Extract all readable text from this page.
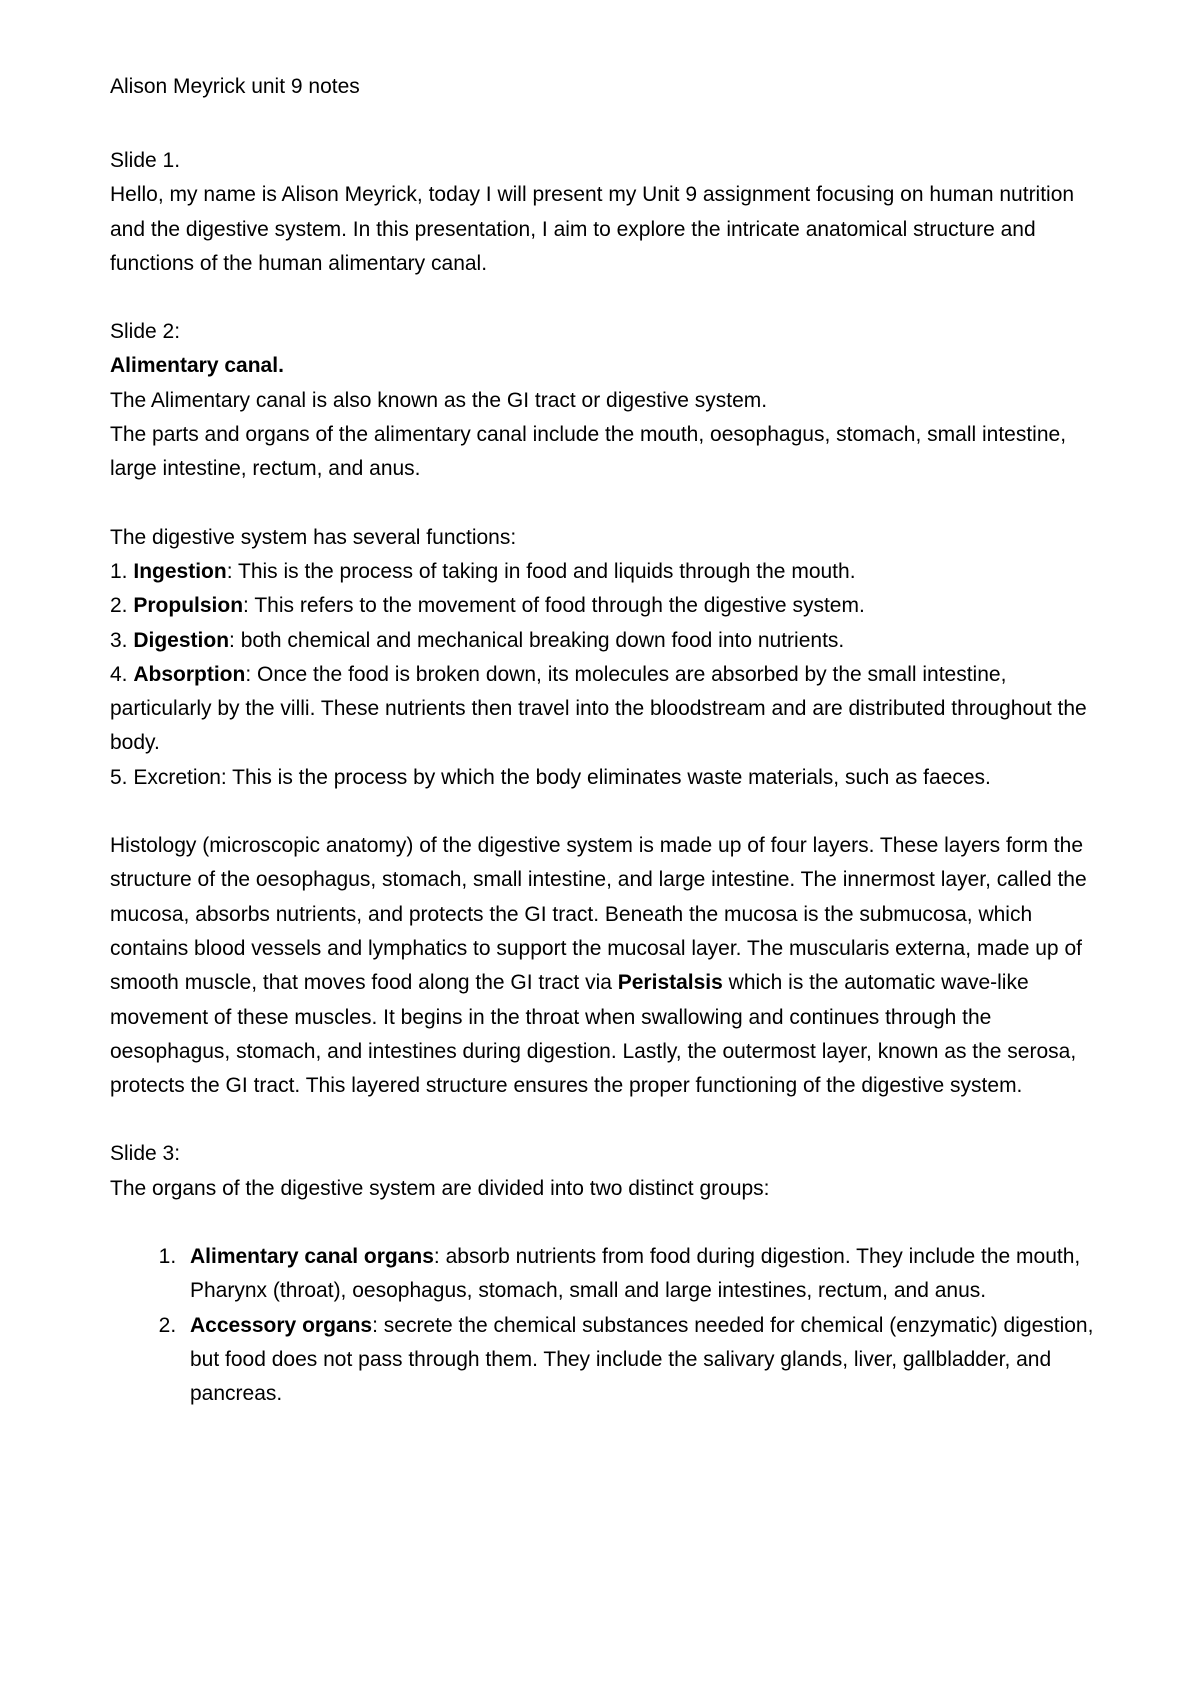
Alison Meyrick unit 9 notes

Slide 1.

Hello, my name is Alison Meyrick, today I will present my Unit 9 assignment focusing on human nutrition and the digestive system. In this presentation, I aim to explore the intricate anatomical structure and functions of the human alimentary canal.

Slide 2:

Alimentary canal.

The Alimentary canal is also known as the GI tract or digestive system.

The parts and organs of the alimentary canal include the mouth, oesophagus, stomach, small intestine, large intestine, rectum, and anus.

The digestive system has several functions:

1. Ingestion: This is the process of taking in food and liquids through the mouth.

2. Propulsion: This refers to the movement of food through the digestive system.

3. Digestion: both chemical and mechanical breaking down food into nutrients.

4. Absorption: Once the food is broken down, its molecules are absorbed by the small intestine, particularly by the villi. These nutrients then travel into the bloodstream and are distributed throughout the body.

5. Excretion: This is the process by which the body eliminates waste materials, such as faeces.

Histology (microscopic anatomy) of the digestive system is made up of four layers. These layers form the structure of the oesophagus, stomach, small intestine, and large intestine. The innermost layer, called the mucosa, absorbs nutrients, and protects the GI tract. Beneath the mucosa is the submucosa, which contains blood vessels and lymphatics to support the mucosal layer. The muscularis externa, made up of smooth muscle, that moves food along the GI tract via Peristalsis which is the automatic wave-like movement of these muscles. It begins in the throat when swallowing and continues through the oesophagus, stomach, and intestines during digestion. Lastly, the outermost layer, known as the serosa, protects the GI tract. This layered structure ensures the proper functioning of the digestive system.

Slide 3:

The organs of the digestive system are divided into two distinct groups:

1. Alimentary canal organs: absorb nutrients from food during digestion. They include the mouth, Pharynx (throat), oesophagus, stomach, small and large intestines, rectum, and anus.
2. Accessory organs: secrete the chemical substances needed for chemical (enzymatic) digestion, but food does not pass through them. They include the salivary glands, liver, gallbladder, and pancreas.
